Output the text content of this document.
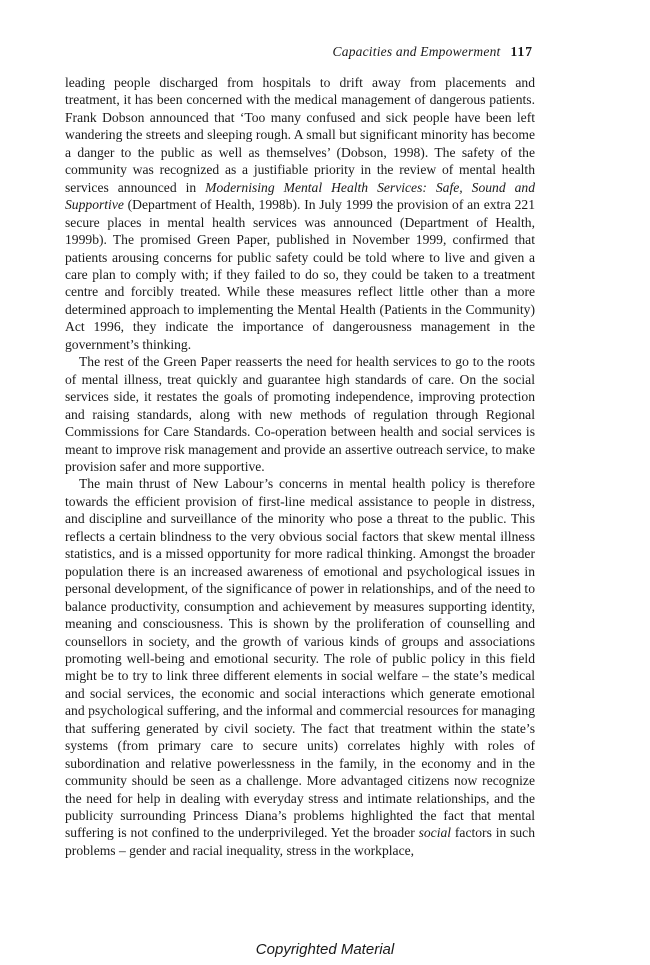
Capacities and Empowerment 117

leading people discharged from hospitals to drift away from placements and treatment, it has been concerned with the medical management of dangerous patients. Frank Dobson announced that ‘Too many confused and sick people have been left wandering the streets and sleeping rough. A small but significant minority has become a danger to the public as well as themselves’ (Dobson, 1998). The safety of the community was recognized as a justifiable priority in the review of mental health services announced in Modernising Mental Health Services: Safe, Sound and Supportive (Department of Health, 1998b). In July 1999 the provision of an extra 221 secure places in mental health services was announced (Department of Health, 1999b). The promised Green Paper, published in November 1999, confirmed that patients arousing concerns for public safety could be told where to live and given a care plan to comply with; if they failed to do so, they could be taken to a treatment centre and forcibly treated. While these measures reflect little other than a more determined approach to implementing the Mental Health (Patients in the Community) Act 1996, they indicate the importance of dangerousness management in the government’s thinking.

The rest of the Green Paper reasserts the need for health services to go to the roots of mental illness, treat quickly and guarantee high standards of care. On the social services side, it restates the goals of promoting independence, improving protection and raising standards, along with new methods of regulation through Regional Commissions for Care Standards. Co-operation between health and social services is meant to improve risk management and provide an assertive outreach service, to make provision safer and more supportive.

The main thrust of New Labour’s concerns in mental health policy is therefore towards the efficient provision of first-line medical assistance to people in distress, and discipline and surveillance of the minority who pose a threat to the public. This reflects a certain blindness to the very obvious social factors that skew mental illness statistics, and is a missed opportunity for more radical thinking. Amongst the broader population there is an increased awareness of emotional and psychological issues in personal development, of the significance of power in relationships, and of the need to balance productivity, consumption and achievement by measures supporting identity, meaning and consciousness. This is shown by the proliferation of counselling and counsellors in society, and the growth of various kinds of groups and associations promoting well-being and emotional security. The role of public policy in this field might be to try to link three different elements in social welfare – the state’s medical and social services, the economic and social interactions which generate emotional and psychological suffering, and the informal and commercial resources for managing that suffering generated by civil society. The fact that treatment within the state’s systems (from primary care to secure units) correlates highly with roles of subordination and relative powerlessness in the family, in the economy and in the community should be seen as a challenge. More advantaged citizens now recognize the need for help in dealing with everyday stress and intimate relationships, and the publicity surrounding Princess Diana’s problems highlighted the fact that mental suffering is not confined to the underprivileged. Yet the broader social factors in such problems – gender and racial inequality, stress in the workplace,

Copyrighted Material
